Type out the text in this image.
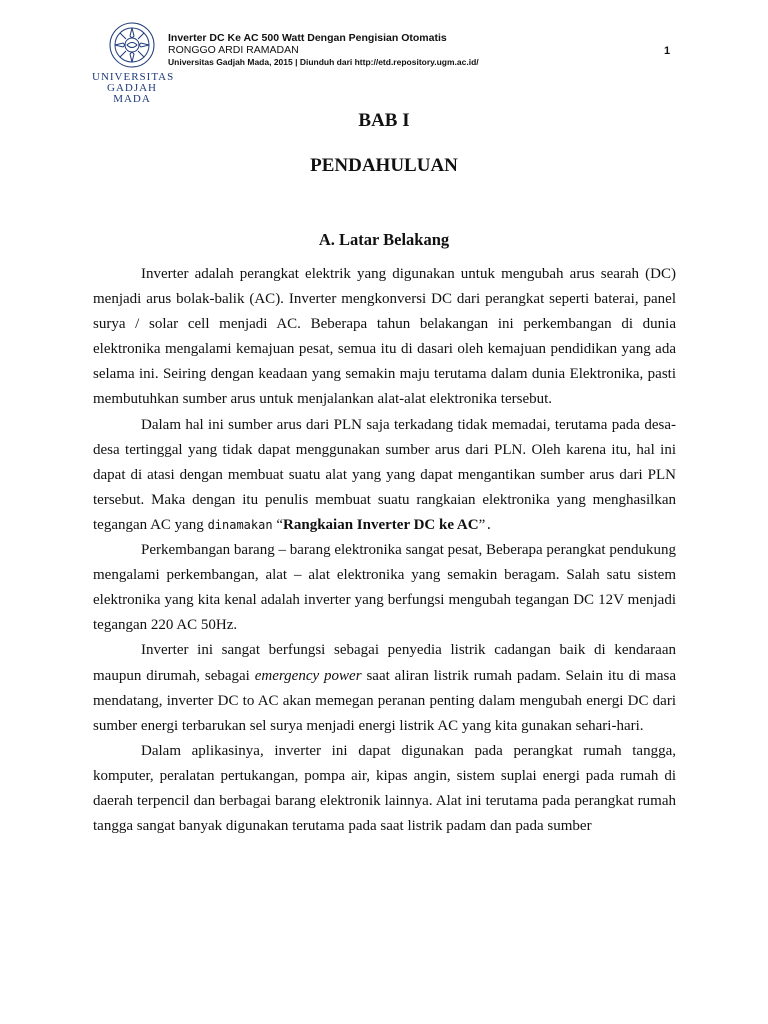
UNIVERSITAS
GADJAH MADA
Inverter DC Ke AC 500 Watt Dengan Pengisian Otomatis
RONGGO ARDI RAMADAN
Universitas Gadjah Mada, 2015 | Diunduh dari http://etd.repository.ugm.ac.id/
1
BAB I
PENDAHULUAN
A. Latar Belakang

Inverter adalah perangkat elektrik yang digunakan untuk mengubah arus searah (DC) menjadi arus bolak-balik (AC). Inverter mengkonversi DC dari perangkat seperti baterai, panel surya / solar cell menjadi AC. Beberapa tahun belakangan ini perkembangan di dunia elektronika mengalami kemajuan pesat, semua itu di dasari oleh kemajuan pendidikan yang ada selama ini. Seiring dengan keadaan yang semakin maju terutama dalam dunia Elektronika, pasti membutuhkan sumber arus untuk menjalankan alat-alat elektronika tersebut.

Dalam hal ini sumber arus dari PLN saja terkadang tidak memadai, terutama pada desa-desa tertinggal yang tidak dapat menggunakan sumber arus dari PLN. Oleh karena itu, hal ini dapat di atasi dengan membuat suatu alat yang yang dapat mengantikan sumber arus dari PLN tersebut. Maka dengan itu penulis membuat suatu rangkaian elektronika yang menghasilkan tegangan AC yang dinamakan “Rangkaian Inverter DC ke AC”.

Perkembangan barang – barang elektronika sangat pesat, Beberapa perangkat pendukung mengalami perkembangan, alat – alat elektronika yang semakin beragam. Salah satu sistem elektronika yang kita kenal adalah inverter yang berfungsi mengubah tegangan DC 12V menjadi tegangan 220 AC 50Hz.

Inverter ini sangat berfungsi sebagai penyedia listrik cadangan baik di kendaraan maupun dirumah, sebagai emergency power saat aliran listrik rumah padam. Selain itu di masa mendatang, inverter DC to AC akan memegan peranan penting dalam mengubah energi DC dari sumber energi terbarukan sel surya menjadi energi listrik AC yang kita gunakan sehari-hari.

Dalam aplikasinya, inverter ini dapat digunakan pada perangkat rumah tangga, komputer, peralatan pertukangan, pompa air, kipas angin, sistem suplai energi pada rumah di daerah terpencil dan berbagai barang elektronik lainnya. Alat ini terutama pada perangkat rumah tangga sangat banyak digunakan terutama pada saat listrik padam dan pada sumber
